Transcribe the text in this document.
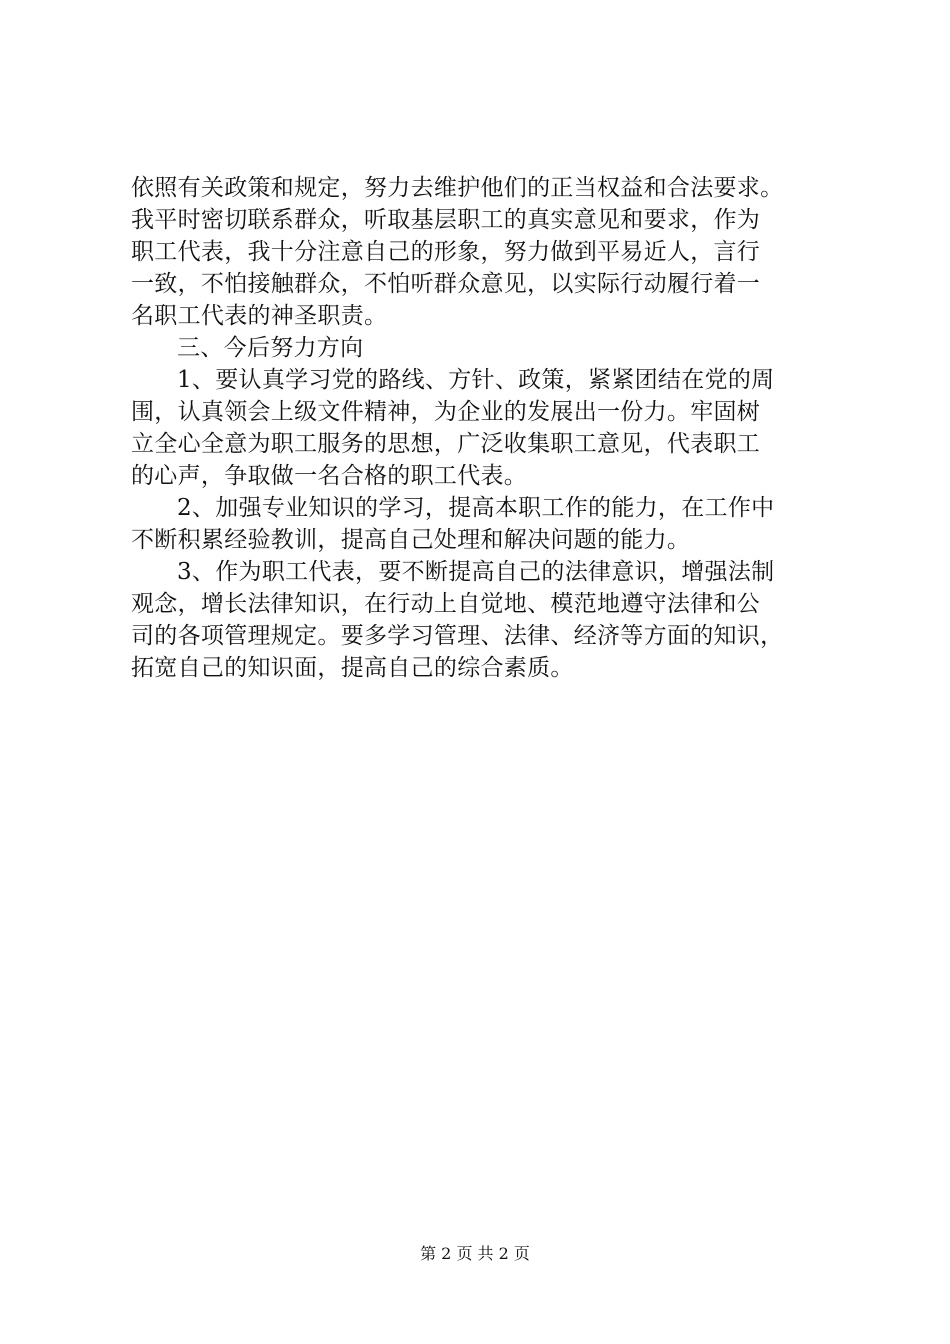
依照有关政策和规定，努力去维护他们的正当权益和合法要求。
我平时密切联系群众，听取基层职工的真实意见和要求，作为
职工代表，我十分注意自己的形象，努力做到平易近人，言行
一致，不怕接触群众，不怕听群众意见，以实际行动履行着一
名职工代表的神圣职责。
三、今后努力方向
1、要认真学习党的路线、方针、政策，紧紧团结在党的周
围，认真领会上级文件精神，为企业的发展出一份力。牢固树
立全心全意为职工服务的思想，广泛收集职工意见，代表职工
的心声，争取做一名合格的职工代表。
2、加强专业知识的学习，提高本职工作的能力，在工作中
不断积累经验教训，提高自己处理和解决问题的能力。
3、作为职工代表，要不断提高自己的法律意识，增强法制
观念，增长法律知识，在行动上自觉地、模范地遵守法律和公
司的各项管理规定。要多学习管理、法律、经济等方面的知识，
拓宽自己的知识面，提高自己的综合素质。
第 2 页 共 2 页
